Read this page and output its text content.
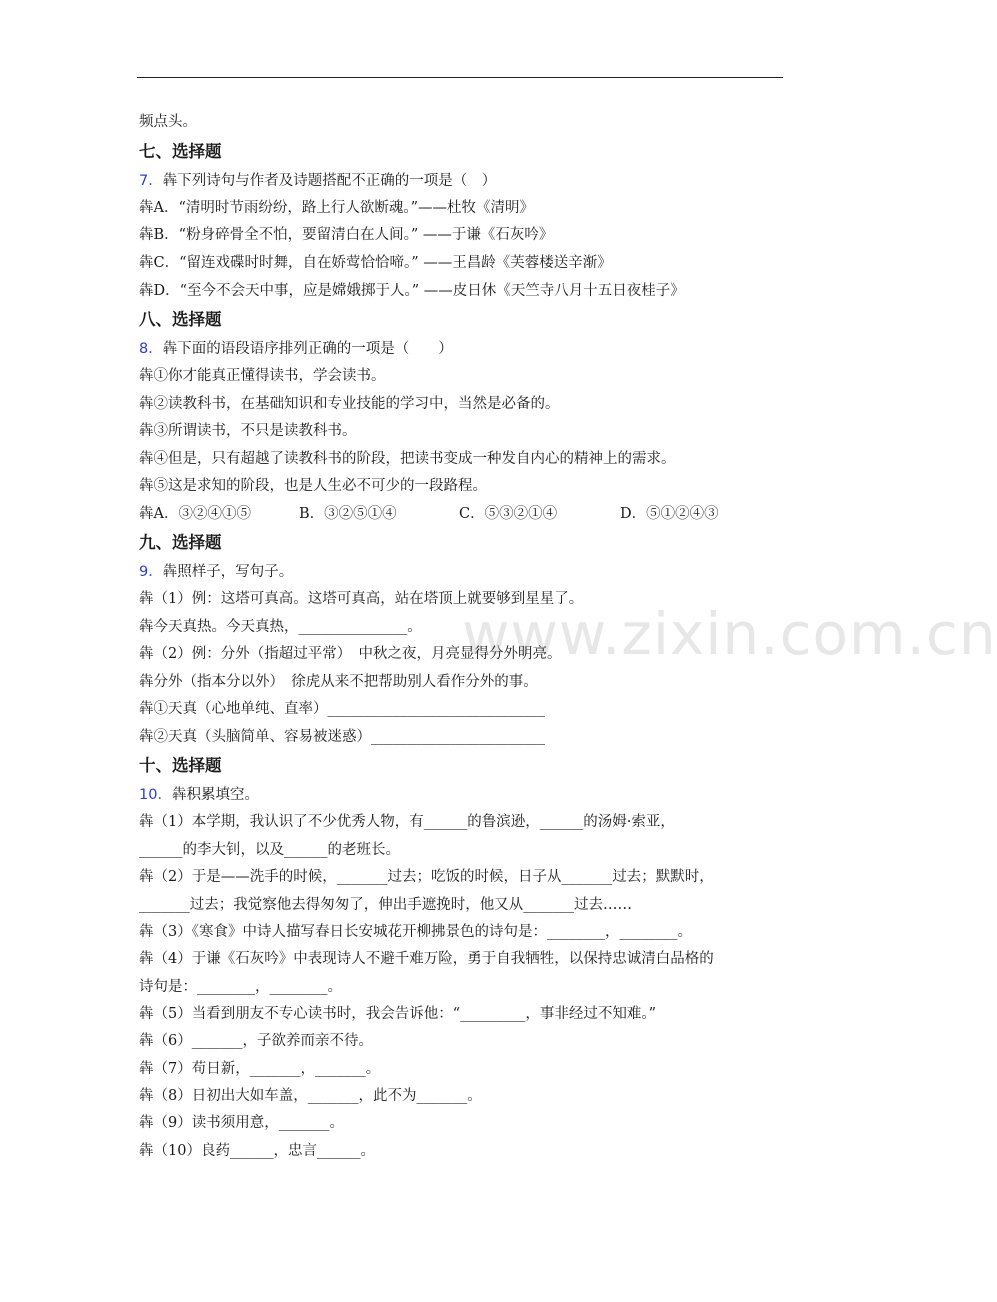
www.zixin.com.cn
频点头。
七、选择题
7．犇下列诗句与作者及诗题搭配不正确的一项是（　）
犇A．“清明时节雨纷纷，路上行人欲断魂。”——杜牧《清明》
犇B．“粉身碎骨全不怕，要留清白在人间。” ——于谦《石灰吟》
犇C．“留连戏碟时时舞，自在娇莺恰恰啼。” ——王昌龄《芙蓉楼送辛渐》
犇D．“至今不会天中事，应是嫦娥掷于人。” ——皮日休《天竺寺八月十五日夜桂子》
八、选择题
8．犇下面的语段语序排列正确的一项是（　　）
犇①你才能真正懂得读书，学会读书。
犇②读教科书，在基础知识和专业技能的学习中，当然是必备的。
犇③所谓读书，不只是读教科书。
犇④但是，只有超越了读教科书的阶段，把读书变成一种发自内心的精神上的需求。
犇⑤这是求知的阶段，也是人生必不可少的一段路程。
九、选择题
9．犇照样子，写句子。
犇（1）例：这塔可真高。这塔可真高，站在塔顶上就要够到星星了。
犇今天真热。今天真热，_______________。
犇（2）例：分外（指超过平常）　中秋之夜，月亮显得分外明亮。
犇分外（指本分以外）　徐虎从来不把帮助别人看作分外的事。
犇①天真（心地单纯、直率）______________________________
犇②天真（头脑简单、容易被迷惑）________________________
十、选择题
10．犇积累填空。
犇（1）本学期，我认识了不少优秀人物，有______的鲁滨逊，______的汤姆·索亚，
______的李大钊，以及______的老班长。
犇（2）于是——洗手的时候，_______过去；吃饭的时候，日子从_______过去；默默时，
_______过去；我觉察他去得匆匆了，伸出手遮挽时，他又从_______过去……
犇（3）《寒食》中诗人描写春日长安城花开柳拂景色的诗句是：________，________。
犇（4）于谦《石灰吟》中表现诗人不避千难万险，勇于自我牺牲，以保持忠诚清白品格的
诗句是：________，________。
犇（5）当看到朋友不专心读书时，我会告诉他：“_________，事非经过不知难。”
犇（6）_______，子欲养而亲不待。
犇（7）苟日新，_______，_______。
犇（8）日初出大如车盖，_______，此不为_______。
犇（9）读书须用意，_______。
犇（10）良药______，忠言______。
犇A．③②④①⑤	B．③②⑤①④	C．⑤③②①④	D．⑤①②④③
